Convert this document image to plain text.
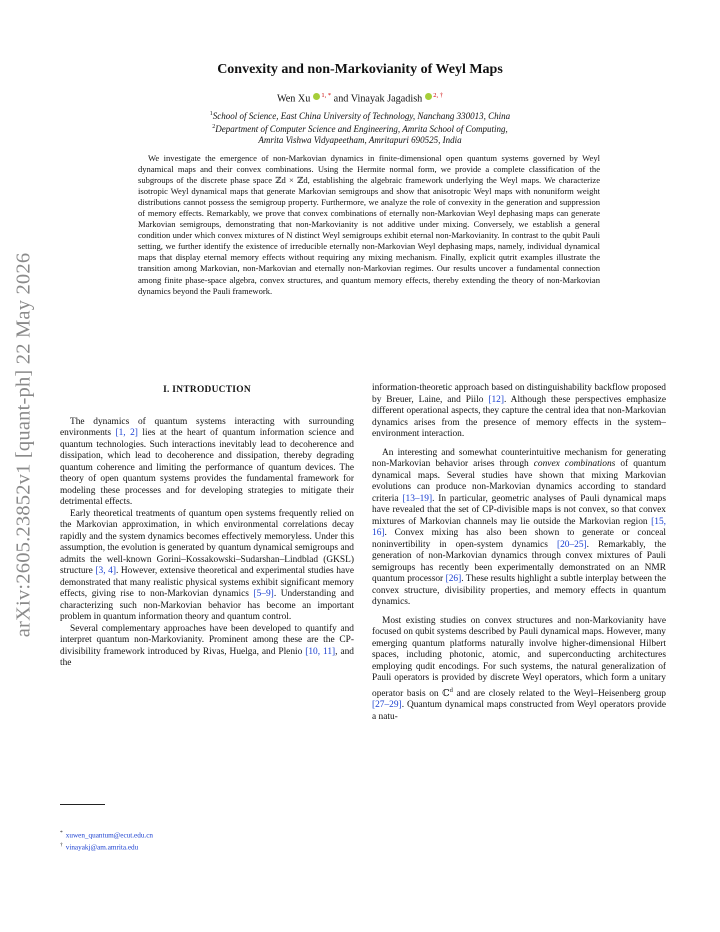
arXiv:2605.23852v1 [quant-ph] 22 May 2026
Convexity and non-Markovianity of Weyl Maps
Wen Xu $^{1, *}$ and Vinayak Jagadish $^{2, \dagger}$
$^1$School of Science, East China University of Technology, Nanchang 330013, China
$^2$Department of Computer Science and Engineering, Amrita School of Computing,
Amrita Vishwa Vidyapeetham, Amritapuri 690525, India
We investigate the emergence of non-Markovian dynamics in finite-dimensional open quantum systems governed by Weyl dynamical maps and their convex combinations. Using the Hermite normal form, we provide a complete classification of the subgroups of the discrete phase space ℤd × ℤd, establishing the algebraic framework underlying the Weyl maps. We characterize isotropic Weyl dynamical maps that generate Markovian semigroups and show that anisotropic Weyl maps with nonuniform weight distributions cannot possess the semigroup property. Furthermore, we analyze the role of convexity in the generation and suppression of memory effects. Remarkably, we prove that convex combinations of eternally non-Markovian Weyl dephasing maps can generate Markovian semigroups, demonstrating that non-Markovianity is not additive under mixing. Conversely, we establish a general condition under which convex mixtures of N distinct Weyl semigroups exhibit eternal non-Markovianity. In contrast to the qubit Pauli setting, we further identify the existence of irreducible eternally non-Markovian Weyl dephasing maps, namely, individual dynamical maps that display eternal memory effects without requiring any mixing mechanism. Finally, explicit qutrit examples illustrate the transition among Markovian, non-Markovian and eternally non-Markovian regimes. Our results uncover a fundamental connection among finite phase-space algebra, convex structures, and quantum memory effects, thereby extending the theory of non-Markovian dynamics beyond the Pauli framework.
I. INTRODUCTION

The dynamics of quantum systems interacting with surrounding environments [1, 2] lies at the heart of quantum information science and quantum technologies. Such interactions inevitably lead to decoherence and dissipation, which lead to decoherence and dissipation, thereby degrading quantum coherence and limiting the performance of quantum devices. The theory of open quantum systems provides the fundamental framework for modeling these processes and for developing strategies to mitigate their detrimental effects.

Early theoretical treatments of quantum open systems frequently relied on the Markovian approximation, in which environmental correlations decay rapidly and the system dynamics becomes effectively memoryless. Under this assumption, the evolution is generated by quantum dynamical semigroups and admits the well-known Gorini–Kossakowski–Sudarshan–Lindblad (GKSL) structure [3, 4]. However, extensive theoretical and experimental studies have demonstrated that many realistic physical systems exhibit significant memory effects, giving rise to non-Markovian dynamics [5–9]. Understanding and characterizing such non-Markovian behavior has become an important problem in quantum information theory and quantum control.

Several complementary approaches have been developed to quantify and interpret quantum non-Markovianity. Prominent among these are the CP-divisibility framework introduced by Rivas, Huelga, and Plenio [10, 11], and the

information-theoretic approach based on distinguishability backflow proposed by Breuer, Laine, and Piilo [12]. Although these perspectives emphasize different operational aspects, they capture the central idea that non-Markovian dynamics arises from the presence of memory effects in the system–environment interaction.

An interesting and somewhat counterintuitive mechanism for generating non-Markovian behavior arises through convex combinations of quantum dynamical maps. Several studies have shown that mixing Markovian evolutions can produce non-Markovian dynamics according to standard criteria [13–19]. In particular, geometric analyses of Pauli dynamical maps have revealed that the set of CP-divisible maps is not convex, so that convex mixtures of Markovian channels may lie outside the Markovian region [15, 16]. Convex mixing has also been shown to generate or conceal noninvertibility in open-system dynamics [20–25]. Remarkably, the generation of non-Markovian dynamics through convex mixtures of Pauli semigroups has recently been experimentally demonstrated on an NMR quantum processor [26]. These results highlight a subtle interplay between the convex structure, divisibility properties, and memory effects in quantum dynamics.

Most existing studies on convex structures and non-Markovianity have focused on qubit systems described by Pauli dynamical maps. However, many emerging quantum platforms naturally involve higher-dimensional Hilbert spaces, including photonic, atomic, and superconducting architectures employing qudit encodings. For such systems, the natural generalization of Pauli operators is provided by discrete Weyl operators, which form a unitary operator basis on ℂ$^d$ and are closely related to the Weyl–Heisenberg group [27–29]. Quantum dynamical maps constructed from Weyl operators provide a natu-

* xuwen_quantum@ecut.edu.cn
† vinayakj@am.amrita.edu
